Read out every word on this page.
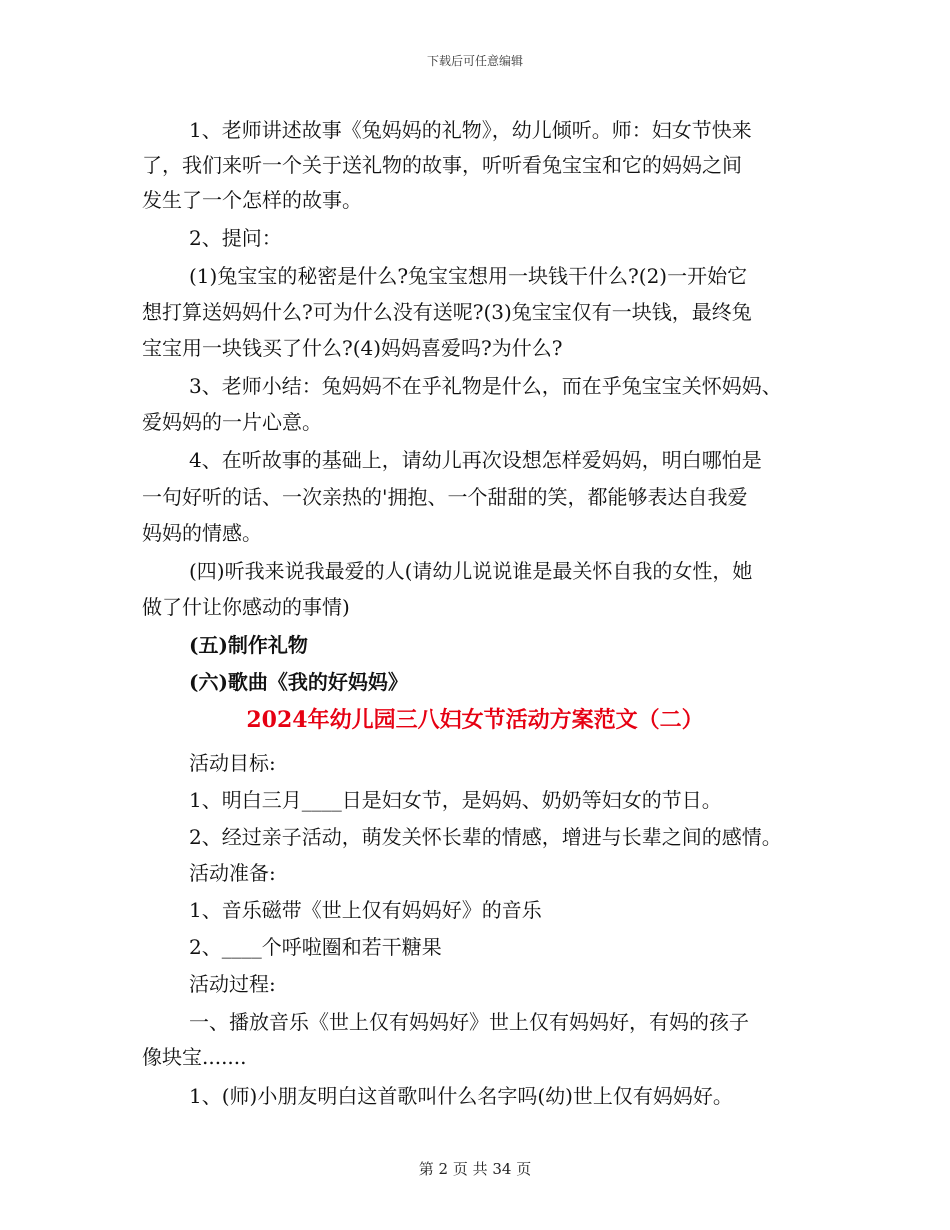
下载后可任意编辑
1、老师讲述故事《兔妈妈的礼物》，幼儿倾听。师：妇女节快来
了，我们来听一个关于送礼物的故事，听听看兔宝宝和它的妈妈之间
发生了一个怎样的故事。
2、提问：
(1)兔宝宝的秘密是什么?兔宝宝想用一块钱干什么?(2)一开始它
想打算送妈妈什么?可为什么没有送呢?(3)兔宝宝仅有一块钱，最终兔
宝宝用一块钱买了什么?(4)妈妈喜爱吗?为什么?
3、老师小结：兔妈妈不在乎礼物是什么，而在乎兔宝宝关怀妈妈、
爱妈妈的一片心意。
4、在听故事的基础上，请幼儿再次设想怎样爱妈妈，明白哪怕是
一句好听的话、一次亲热的'拥抱、一个甜甜的笑，都能够表达自我爱
妈妈的情感。
(四)听我来说我最爱的人(请幼儿说说谁是最关怀自我的女性，她
做了什让你感动的事情)
(五)制作礼物
(六)歌曲《我的好妈妈》
2024年幼儿园三八妇女节活动方案范文（二）
活动目标:
1、明白三月____日是妇女节，是妈妈、奶奶等妇女的节日。
2、经过亲子活动，萌发关怀长辈的情感，增进与长辈之间的感情。
活动准备:
1、音乐磁带《世上仅有妈妈好》的音乐
2、____个呼啦圈和若干糖果
活动过程:
一、播放音乐《世上仅有妈妈好》世上仅有妈妈好，有妈的孩子
像块宝.......
1、(师)小朋友明白这首歌叫什么名字吗(幼)世上仅有妈妈好。
第 2 页 共 34 页
